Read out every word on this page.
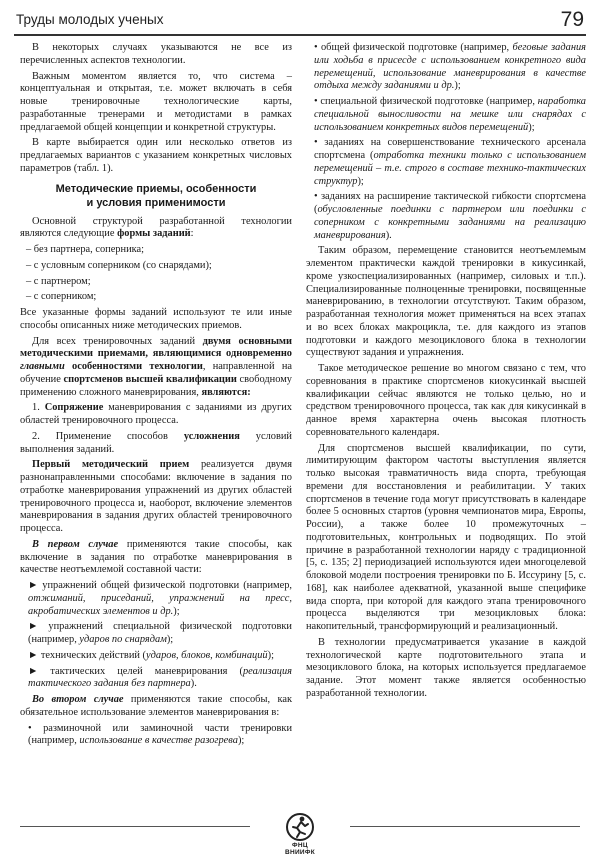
Труды молодых ученых	79

В некоторых случаях указываются не все из перечисленных аспектов технологии.

Важным моментом является то, что система – концептуальная и открытая, т.е. может включать в себя новые тренировочные технологические карты, разработанные тренерами и методистами в рамках предлагаемой общей концепции и конкретной структуры.

В карте выбирается один или несколько ответов из предлагаемых вариантов с указанием конкретных числовых параметров (табл. 1).

Методические приемы, особенности
и условия применимости

Основной структурой разработанной технологии являются следующие формы заданий:

– без партнера, соперника;

– с условным соперником (со снарядами);

– с партнером;

– с соперником;

Все указанные формы заданий используют те или иные способы описанных ниже методических приемов.

Для всех тренировочных заданий двумя основными методическими приемами, являющимися одновременно главными особенностями технологии, направленной на обучение спортсменов высшей квалификации свободному применению сложного маневрирования, являются:

1. Сопряжение маневрирования с заданиями из других областей тренировочного процесса.

2. Применение способов усложнения условий выполнения заданий.

Первый методический прием реализуется двумя разнонаправленными способами: включение в задания по отработке маневрирования упражнений из других областей тренировочного процесса и, наоборот, включение элементов маневрирования в задания других областей тренировочного процесса.

В первом случае применяются такие способы, как включение в задания по отработке маневрирования в качестве неотъемлемой составной части:

► упражнений общей физической подготовки (например, отжиманий, приседаний, упражнений на пресс, акробатических элементов и др.);

► упражнений специальной физической подготовки (например, ударов по снарядам);

► технических действий (ударов, блоков, комбинаций);

► тактических целей маневрирования (реализация тактического задания без партнера).

Во втором случае применяются такие способы, как обязательное использование элементов маневрирования в:

• разминочной или заминочной части тренировки (например, использование в качестве разогрева);

• общей физической подготовке (например, беговые задания или ходьба в присесде с использованием конкретного вида перемещений, использование маневрирования в качестве отдыха между заданиями и др.);

• специальной физической подготовке (например, наработка специальной выносливости на мешке или снарядах с использованием конкретных видов перемещений);

• заданиях на совершенствование технического арсенала спортсмена (отработка техники только с использованием перемещений – т.е. строго в составе технико-тактических структур);

• заданиях на расширение тактической гибкости спортсмена (обусловленные поединки с партнером или поединки с соперником с конкретными заданиями на реализацию маневрирования).

Таким образом, перемещение становится неотъемлемым элементом практически каждой тренировки в кикусинкай, кроме узкоспециализированных (например, силовых и т.п.). Специализированные полноценные тренировки, посвященные маневрированию, в технологии отсутствуют. Таким образом, разработанная технология может применяться на всех этапах и во всех блоках макроцикла, т.е. для каждого из этапов подготовки и каждого мезоциклового блока в технологии существуют задания и упражнения.

Такое методическое решение во многом связано с тем, что соревнования в практике спортсменов киокусинкай высшей квалификации сейчас являются не только целью, но и средством тренировочного процесса, так как для кикусинкай в данное время характерна очень высокая плотность соревновательного календаря.

Для спортсменов высшей квалификации, по сути, лимитирующим фактором частоты выступления является только высокая травматичность вида спорта, требующая времени для восстановления и реабилитации. У таких спортсменов в течение года могут присутствовать в календаре более 5 основных стартов (уровня чемпионатов мира, Европы, России), а также более 10 промежуточных – подготовительных, контрольных и подводящих. По этой причине в разработанной технологии наряду с традиционной [5, с. 135; 2] периодизацией используются идеи многоцелевой блоковой модели построения тренировки по Б. Иссурину [5, с. 168], как наиболее адекватной, указанной выше специфике вида спорта, при которой для каждого этапа тренировочного процесса выделяются три мезоцикловых блока: накопительный, трансформирующий и реализационный.

В технологии предусматривается указание в каждой технологической карте подготовительного этапа и мезоциклового блока, на которых используется предлагаемое задание. Этот момент также является особенностью разработанной технологии.

ФНЦ ВНИИФК
